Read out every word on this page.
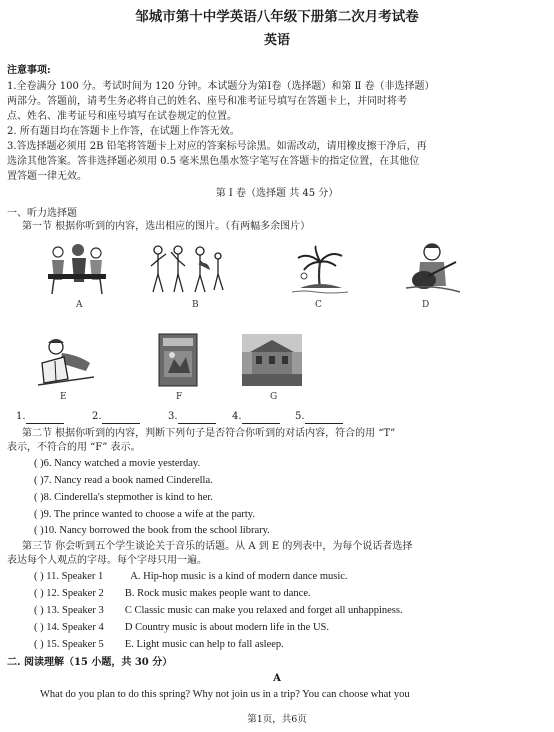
邹城市第十中学英语八年级下册第二次月考试卷
英语
注意事项:
1.全卷满分 100 分。考试时间为 120 分钟。本试题分为第Ⅰ卷（选择题）和第 Ⅱ 卷（非选择题）
两部分。答题前，请考生务必将自己的姓名、座号和准考证号填写在答题卡上，并同时将考
点、姓名、准考证号和座号填写在试卷规定的位置。
2. 所有题目均在答题卡上作答，在试题上作答无效。
3.答选择题必须用 2B 铅笔将答题卡上对应的答案标号涂黑。如需改动，请用橡皮擦干净后，再
选涂其他答案。答非选择题必须用 0.5 毫米黑色墨水签字笔写在答题卡的指定位置，在其他位
置答题一律无效。
第 I 卷（选择题 共 45 分）
一、听力选择题
第一节 根据你听到的内容，选出相应的图片。（有两幅多余图片）
A	B	C	D
E	F	G
1.	2.	3.	4.	5.
第二节 根据你听到的内容，判断下列句子是否符合你听到的对话内容，符合的用 “T”
表示，不符合的用 “F” 表示。
( )6. Nancy watched a movie yesterday.
( )7. Nancy read a book named Cinderella.
( )8. Cinderella's stepmother is kind to her.
( )9. The prince wanted to choose a wife at the party.
( )10. Nancy borrowed the book from the school library.
第三节 你会听到五个学生谈论关于音乐的话题。从 A 到 E 的列表中，为每个说话者选择
表达每个人观点的字母。每个字母只用一遍。
( ) 11. Speaker 1	A. Hip-hop music is a kind of modern dance music.
( ) 12. Speaker 2 B. Rock music makes people want to dance.
( ) 13. Speaker 3 C Classic music can make you relaxed and forget all unhappiness.
( ) 14. Speaker 4 D Country music is about modern life in the US.
( ) 15. Speaker 5 E. Light music can help to fall asleep.
二. 阅读理解（15 小题，共 30 分）
A
What do you plan to do this spring? Why not join us in a trip? You can choose what you
第1页，共6页
